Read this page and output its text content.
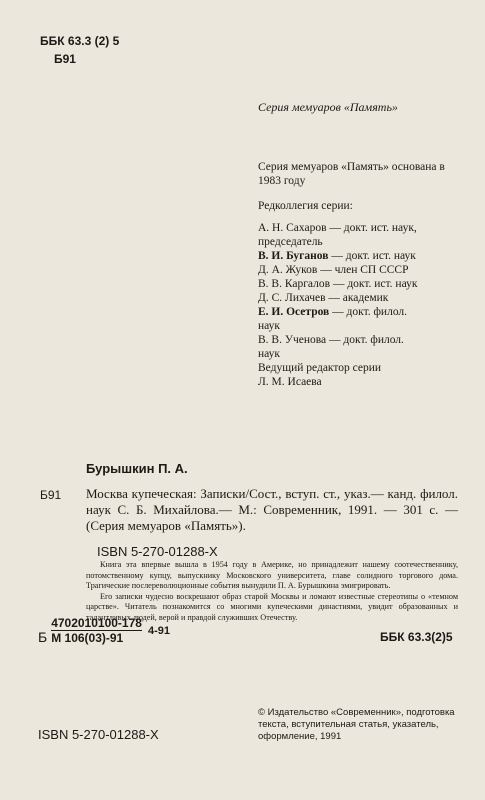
ББК 63.3 (2) 5
Б91
Серия мемуаров «Память»

Серия мемуаров «Память» основана в 1983 году

Редколлегия серии:

А. Н. Сахаров — докт. ист. наук,

председатель

В. И. Буганов — докт. ист. наук

Д. А. Жуков — член СП СССР

В. В. Каргалов — докт. ист. наук

Д. С. Лихачев — академик

Е. И. Осетров — докт. филол.

наук

В. В. Ученова — докт. филол.

наук

Ведущий редактор серии

Л. М. Исаева

Бурышкин П. А.
Б91 Москва купеческая: Записки/Сост., вступ. ст., указ.— канд. филол. наук С. Б. Михайлова.— М.: Современник, 1991. — 301 с. — (Серия мемуаров «Память»).
ISBN 5-270-01288-X

Книга эта впервые вышла в 1954 году в Америке, но принадлежит нашему соотечественнику, потомственному купцу, выпускнику Московского университета, главе солидного торгового дома. Трагические послереволюционные события вынудили П. А. Бурышкина эмигрировать.

Его записки чудесно воскрешают образ старой Москвы и ломают известные стереотипы о «темном царстве». Читатель познакомится со многими купеческими династиями, увидит образованных и талантливых людей, верой и правдой служивших Отечеству.

Б
4702010100-178
М 106(03)-91
4-91	ББК 63.3(2)5
© Издательство «Современник», подготовка текста, вступительная статья, указатель, оформление, 1991
ISBN 5-270-01288-X
